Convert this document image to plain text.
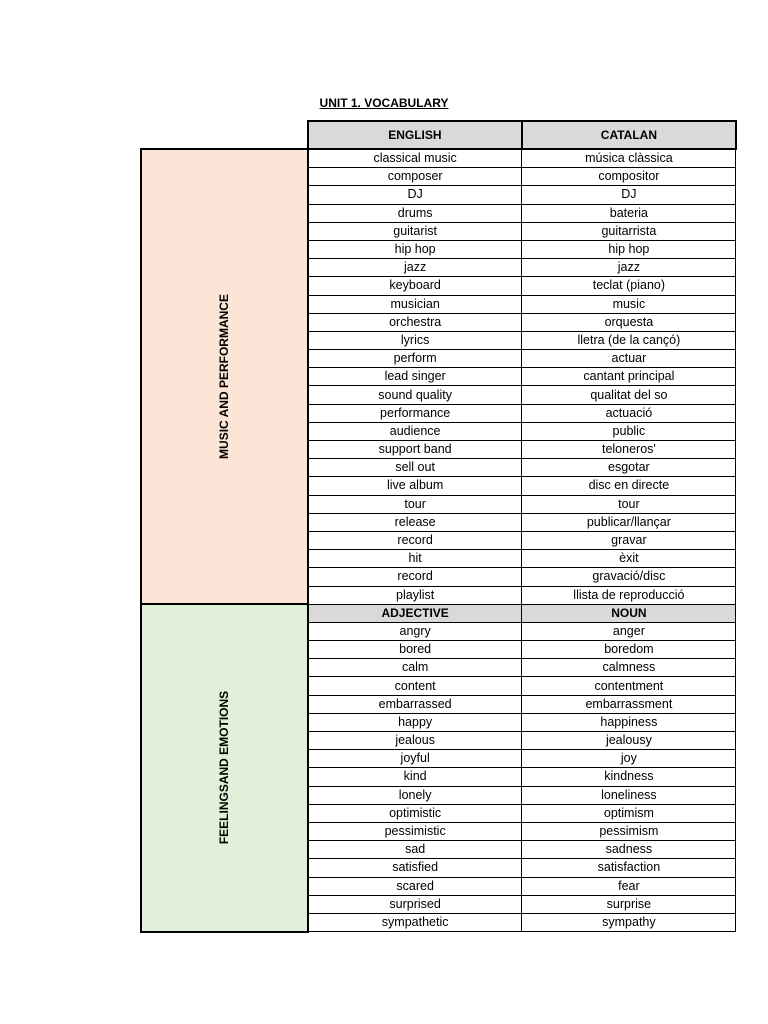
UNIT 1. VOCABULARY
	ENGLISH	CATALAN
MUSIC AND PERFORMANCE	classical music	música clàssica
	composer	compositor
	DJ	DJ
	drums	bateria
	guitarist	guitarrista
	hip hop	hip hop
	jazz	jazz
	keyboard	teclat (piano)
	musician	music
	orchestra	orquesta
	lyrics	lletra (de la cançó)
	perform	actuar
	lead singer	cantant principal
	sound quality	qualitat del so
	performance	actuació
	audience	public
	support band	teloneros'
	sell out	esgotar
	live album	disc en directe
	tour	tour
	release	publicar/llançar
	record	gravar
	hit	èxit
	record	gravació/disc
	playlist	llista de reproducció
FEELINGSAND EMOTIONS	ADJECTIVE	NOUN
	angry	anger
	bored	boredom
	calm	calmness
	content	contentment
	embarrassed	embarrassment
	happy	happiness
	jealous	jealousy
	joyful	joy
	kind	kindness
	lonely	loneliness
	optimistic	optimism
	pessimistic	pessimism
	sad	sadness
	satisfied	satisfaction
	scared	fear
	surprised	surprise
	sympathetic	sympathy
